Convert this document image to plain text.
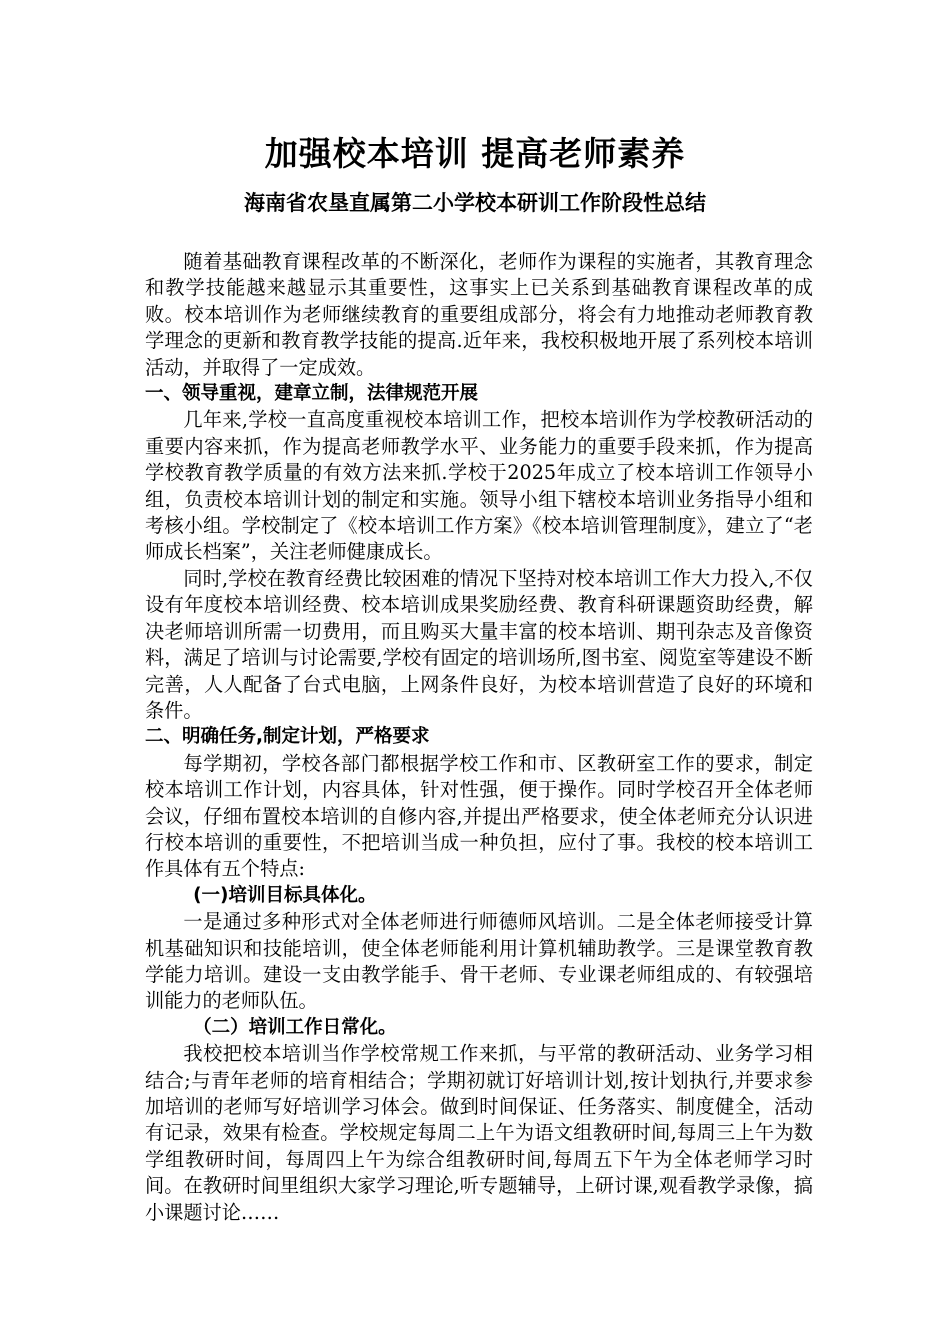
加强校本培训 提高老师素养
海南省农垦直属第二小学校本研训工作阶段性总结

随着基础教育课程改革的不断深化，老师作为课程的实施者，其教育理念和教学技能越来越显示其重要性，这事实上已关系到基础教育课程改革的成败。校本培训作为老师继续教育的重要组成部分，将会有力地推动老师教育教学理念的更新和教育教学技能的提高.近年来，我校积极地开展了系列校本培训活动，并取得了一定成效。

一、领导重视，建章立制，法律规范开展

几年来,学校一直高度重视校本培训工作，把校本培训作为学校教研活动的重要内容来抓，作为提高老师教学水平、业务能力的重要手段来抓，作为提高学校教育教学质量的有效方法来抓.学校于2025年成立了校本培训工作领导小组，负责校本培训计划的制定和实施。领导小组下辖校本培训业务指导小组和考核小组。学校制定了《校本培训工作方案》《校本培训管理制度》，建立了“老师成长档案”，关注老师健康成长。

同时,学校在教育经费比较困难的情况下坚持对校本培训工作大力投入,不仅设有年度校本培训经费、校本培训成果奖励经费、教育科研课题资助经费，解决老师培训所需一切费用，而且购买大量丰富的校本培训、期刊杂志及音像资料，满足了培训与讨论需要,学校有固定的培训场所,图书室、阅览室等建设不断完善，人人配备了台式电脑，上网条件良好，为校本培训营造了良好的环境和条件。

二、明确任务,制定计划，严格要求

每学期初，学校各部门都根据学校工作和市、区教研室工作的要求，制定校本培训工作计划，内容具体，针对性强，便于操作。同时学校召开全体老师会议，仔细布置校本培训的自修内容,并提出严格要求，使全体老师充分认识进行校本培训的重要性，不把培训当成一种负担，应付了事。我校的校本培训工作具体有五个特点:

(一)培训目标具体化。

一是通过多种形式对全体老师进行师德师风培训。二是全体老师接受计算机基础知识和技能培训，使全体老师能利用计算机辅助教学。三是课堂教育教学能力培训。建设一支由教学能手、骨干老师、专业课老师组成的、有较强培训能力的老师队伍。

（二）培训工作日常化。

我校把校本培训当作学校常规工作来抓，与平常的教研活动、业务学习相结合;与青年老师的培育相结合；学期初就订好培训计划,按计划执行,并要求参加培训的老师写好培训学习体会。做到时间保证、任务落实、制度健全，活动有记录，效果有检查。学校规定每周二上午为语文组教研时间,每周三上午为数学组教研时间，每周四上午为综合组教研时间,每周五下午为全体老师学习时间。在教研时间里组织大家学习理论,听专题辅导，上研讨课,观看教学录像，搞小课题讨论……
